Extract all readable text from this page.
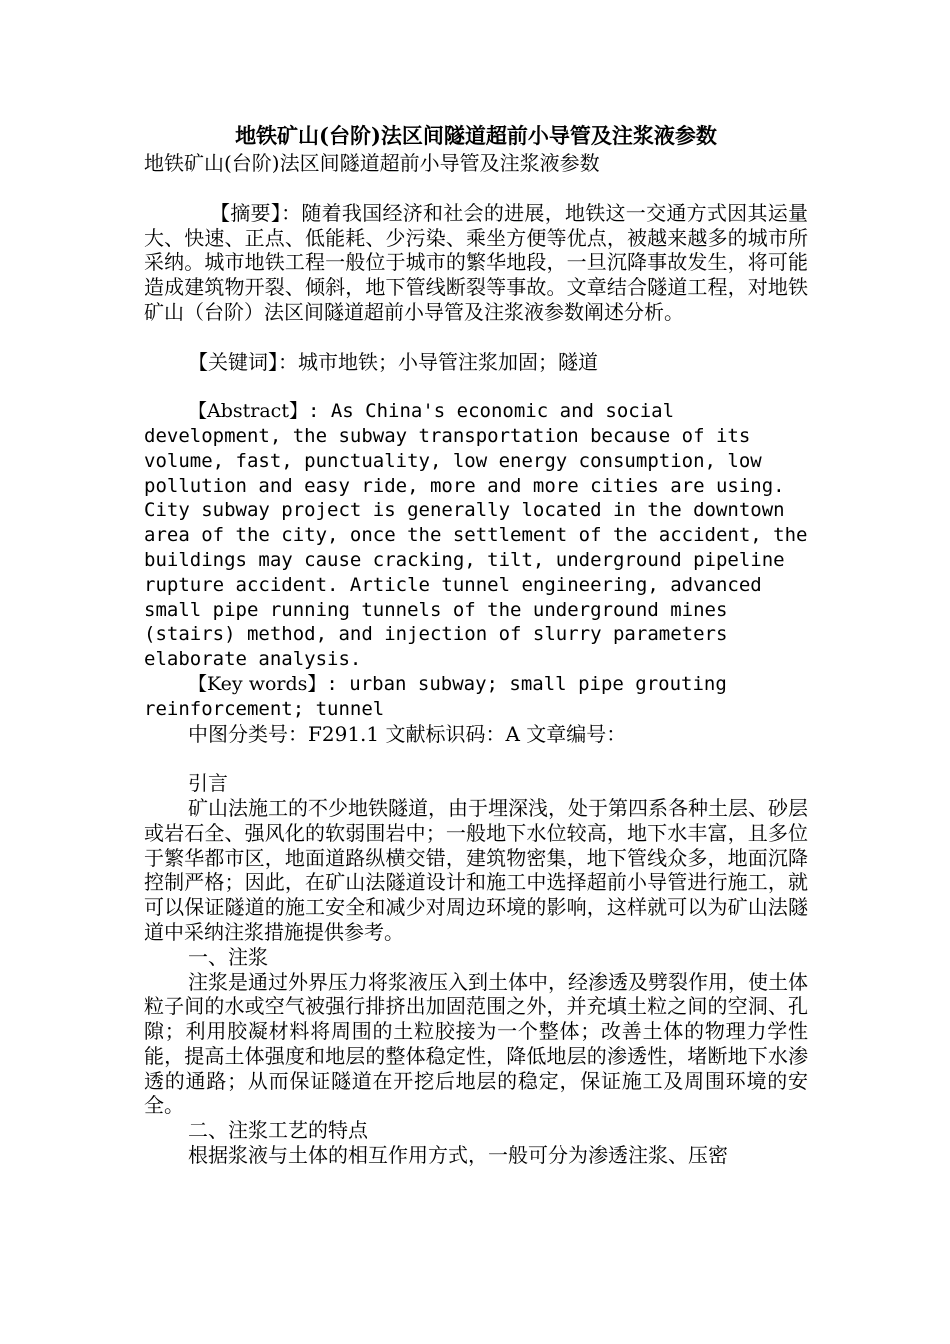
地铁矿山(台阶)法区间隧道超前小导管及注浆液参数

地铁矿山(台阶)法区间隧道超前小导管及注浆液参数

【摘要】：随着我国经济和社会的进展，地铁这一交通方式因其运量大、快速、正点、低能耗、少污染、乘坐方便等优点，被越来越多的城市所采纳。城市地铁工程一般位于城市的繁华地段，一旦沉降事故发生，将可能造成建筑物开裂、倾斜，地下管线断裂等事故。文章结合隧道工程，对地铁矿山（台阶）法区间隧道超前小导管及注浆液参数阐述分析。

【关键词】：城市地铁；小导管注浆加固；隧道

【Abstract】: As China's economic and social development, the subway transportation because of its volume, fast, punctuality, low energy consumption, low pollution and easy ride, more and more cities are using. City subway project is generally located in the downtown area of the city, once the settlement of the accident, the buildings may cause cracking, tilt, underground pipeline rupture accident. Article tunnel engineering, advanced small pipe running tunnels of the underground mines (stairs) method, and injection of slurry parameters elaborate analysis.

【Key words】: urban subway; small pipe grouting reinforcement; tunnel

中图分类号：F291.1 文献标识码：A 文章编号：

引言

矿山法施工的不少地铁隧道，由于埋深浅，处于第四系各种土层、砂层或岩石全、强风化的软弱围岩中；一般地下水位较高，地下水丰富，且多位于繁华都市区，地面道路纵横交错，建筑物密集，地下管线众多，地面沉降控制严格；因此，在矿山法隧道设计和施工中选择超前小导管进行施工，就可以保证隧道的施工安全和减少对周边环境的影响，这样就可以为矿山法隧道中采纳注浆措施提供参考。

一、注浆

注浆是通过外界压力将浆液压入到土体中，经渗透及劈裂作用，使土体粒子间的水或空气被强行排挤出加固范围之外，并充填土粒之间的空洞、孔隙；利用胶凝材料将周围的土粒胶接为一个整体；改善土体的物理力学性能，提高土体强度和地层的整体稳定性，降低地层的渗透性，堵断地下水渗透的通路；从而保证隧道在开挖后地层的稳定，保证施工及周围环境的安全。

二、注浆工艺的特点

根据浆液与土体的相互作用方式，一般可分为渗透注浆、压密
